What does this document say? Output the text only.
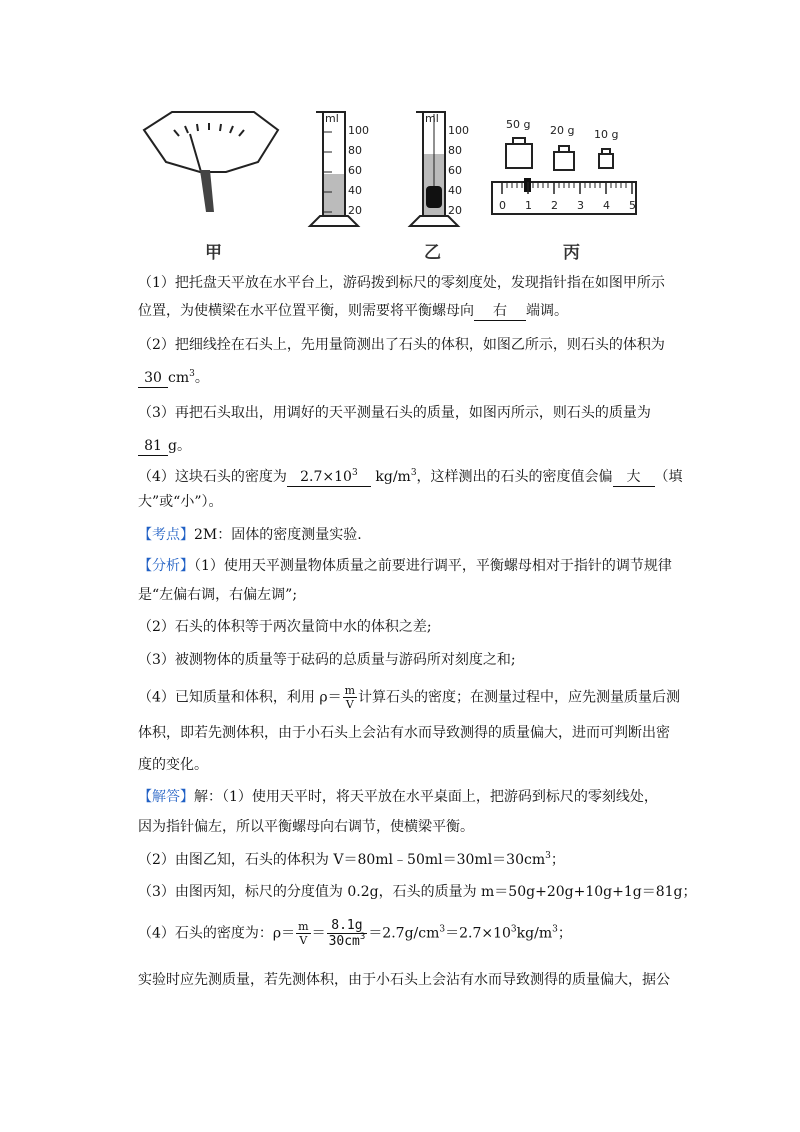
ml
100
80
60
40
20
ml
100
80
60
40
20
50 g 20 g 10 g
0 1 2 3 4 5
甲	乙	丙
（1）把托盘天平放在水平台上，游码拨到标尺的零刻度处，发现指针指在如图甲所示
位置，为使横梁在水平位置平衡，则需要将平衡螺母向 右 端调。
（2）把细线拴在石头上，先用量筒测出了石头的体积，如图乙所示，则石头的体积为
30 $cm^3$。
（3）再把石头取出，用调好的天平测量石头的质量，如图丙所示，则石头的质量为
81 g。
（4）这块石头的密度为 $2.7\times 10^3$ $kg/m^3$，这样测出的石头的密度值会偏 大 （填
大”或“小”）。
【考点】2M：固体的密度测量实验.
【分析】（1）使用天平测量物体质量之前要进行调平，平衡螺母相对于指针的调节规律
是“左偏右调，右偏左调”;
（2）石头的体积等于两次量筒中水的体积之差;
（3）被测物体的质量等于砝码的总质量与游码所对刻度之和;
（4）已知质量和体积，利用 $\rho= \frac{m}{V}$ 计算石头的密度；在测量过程中，应先测量质量后测
体积，即若先测体积，由于小石头上会沾有水而导致测得的质量偏大，进而可判断出密
度的变化。
【解答】解：（1）使用天平时，将天平放在水平桌面上，把游码到标尺的零刻线处，
因为指针偏左，所以平衡螺母向右调节，使横梁平衡。
（2）由图乙知，石头的体积为 $V=80ml﹣50ml=30ml=30cm^3$；
（3）由图丙知，标尺的分度值为 0.2g，石头的质量为 m＝50g+20g+10g+1g＝81g；
（4）石头的密度为：$\rho= \frac{m}{V} = \frac{8.1g}{30cm^3} =2.7g/cm^3=2.7\times 10^3kg/m^3$；
实验时应先测质量，若先测体积，由于小石头上会沾有水而导致测得的质量偏大，据公
